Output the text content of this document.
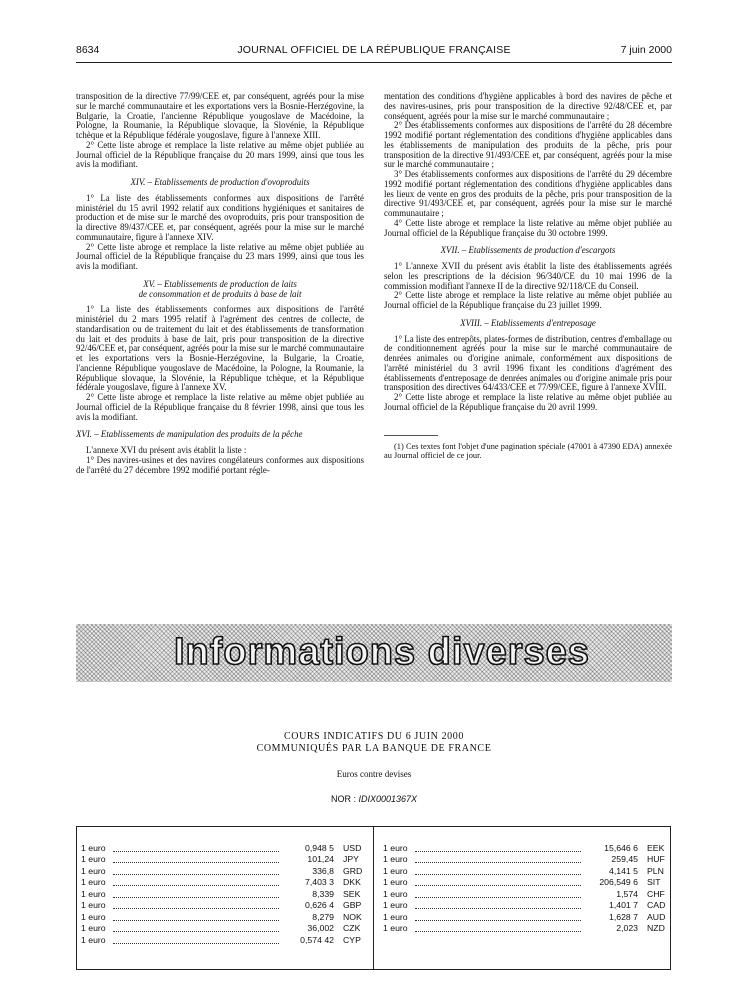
8634	JOURNAL OFFICIEL DE LA RÉPUBLIQUE FRANÇAISE	7 juin 2000

transposition de la directive 77/99/CEE et, par conséquent, agréés pour la mise sur le marché communautaire et les exportations vers la Bosnie-Herzégovine, la Bulgarie, la Croatie, l'ancienne République yougoslave de Macédoine, la Pologne, la Roumanie, la République slovaque, la Slovénie, la République tchèque et la République fédérale yougoslave, figure à l'annexe XIII.

2° Cette liste abroge et remplace la liste relative au même objet publiée au Journal officiel de la République française du 20 mars 1999, ainsi que tous les avis la modifiant.

XIV. – Etablissements de production d'ovoproduits

1° La liste des établissements conformes aux dispositions de l'arrêté ministériel du 15 avril 1992 relatif aux conditions hygiéniques et sanitaires de production et de mise sur le marché des ovoproduits, pris pour transposition de la directive 89/437/CEE et, par conséquent, agréés pour la mise sur le marché communautaire, figure à l'annexe XIV.

2° Cette liste abroge et remplace la liste relative au même objet publiée au Journal officiel de la République française du 23 mars 1999, ainsi que tous les avis la modifiant.

XV. – Etablissements de production de laits
de consommation et de produits à base de lait

1° La liste des établissements conformes aux dispositions de l'arrêté ministériel du 2 mars 1995 relatif à l'agrément des centres de collecte, de standardisation ou de traitement du lait et des établissements de transformation du lait et des produits à base de lait, pris pour transposition de la directive 92/46/CEE et, par conséquent, agréés pour la mise sur le marché communautaire et les exportations vers la Bosnie-Herzégovine, la Bulgarie, la Croatie, l'ancienne République yougoslave de Macédoine, la Pologne, la Roumanie, la République slovaque, la Slovénie, la République tchèque, et la République fédérale yougoslave, figure à l'annexe XV.

2° Cette liste abroge et remplace la liste relative au même objet publiée au Journal officiel de la République française du 8 février 1998, ainsi que tous les avis la modifiant.

XVI. – Etablissements de manipulation des produits de la pêche

L'annexe XVI du présent avis établit la liste :

1° Des navires-usines et des navires congélateurs conformes aux dispositions de l'arrêté du 27 décembre 1992 modifié portant régle-

mentation des conditions d'hygiène applicables à bord des navires de pêche et des navires-usines, pris pour transposition de la directive 92/48/CEE et, par conséquent, agréés pour la mise sur le marché communautaire ;

2° Des établissements conformes aux dispositions de l'arrêté du 28 décembre 1992 modifié portant réglementation des conditions d'hygiène applicables dans les établissements de manipulation des produits de la pêche, pris pour transposition de la directive 91/493/CEE et, par conséquent, agréés pour la mise sur le marché communautaire ;

3° Des établissements conformes aux dispositions de l'arrêté du 29 décembre 1992 modifié portant réglementation des conditions d'hygiène applicables dans les lieux de vente en gros des produits de la pêche, pris pour transposition de la directive 91/493/CEE et, par conséquent, agréés pour la mise sur le marché communautaire ;

4° Cette liste abroge et remplace la liste relative au même objet publiée au Journal officiel de la République française du 30 octobre 1999.

XVII. – Etablissements de production d'escargots

1° L'annexe XVII du présent avis établit la liste des établissements agréés selon les prescriptions de la décision 96/340/CE du 10 mai 1996 de la commission modifiant l'annexe II de la directive 92/118/CE du Conseil.

2° Cette liste abroge et remplace la liste relative au même objet publiée au Journal officiel de la République française du 23 juillet 1999.

XVIII. – Etablissements d'entreposage

1° La liste des entrepôts, plates-formes de distribution, centres d'emballage ou de conditionnement agréés pour la mise sur le marché communautaire de denrées animales ou d'origine animale, conformément aux dispositions de l'arrêté ministériel du 3 avril 1996 fixant les conditions d'agrément des établissements d'entreposage de denrées animales ou d'origine animale pris pour transposition des directives 64/433/CEE et 77/99/CEE, figure à l'annexe XVIII.

2° Cette liste abroge et remplace la liste relative au même objet publiée au Journal officiel de la République française du 20 avril 1999.

(1) Ces textes font l'objet d'une pagination spéciale (47001 à 47390 EDA) annexée au Journal officiel de ce jour.

Informations diverses
COURS INDICATIFS DU 6 JUIN 2000
COMMUNIQUÉS PAR LA BANQUE DE FRANCE
Euros contre devises
NOR : IDIX0001367X
1 euro	0,948 5 USD
1 euro	101,24 JPY
1 euro	336,8 GRD
1 euro	7,403 3 DKK
1 euro	8,339 SEK
1 euro	0,626 4 GBP
1 euro	8,279 NOK
1 euro	36,002 CZK
1 euro	0,574 42 CYP
1 euro	15,646 6 EEK
1 euro	259,45 HUF
1 euro	4,141 5 PLN
1 euro	206,549 6 SIT
1 euro	1,574 CHF
1 euro	1,401 7 CAD
1 euro	1,628 7 AUD
1 euro	2,023 NZD
